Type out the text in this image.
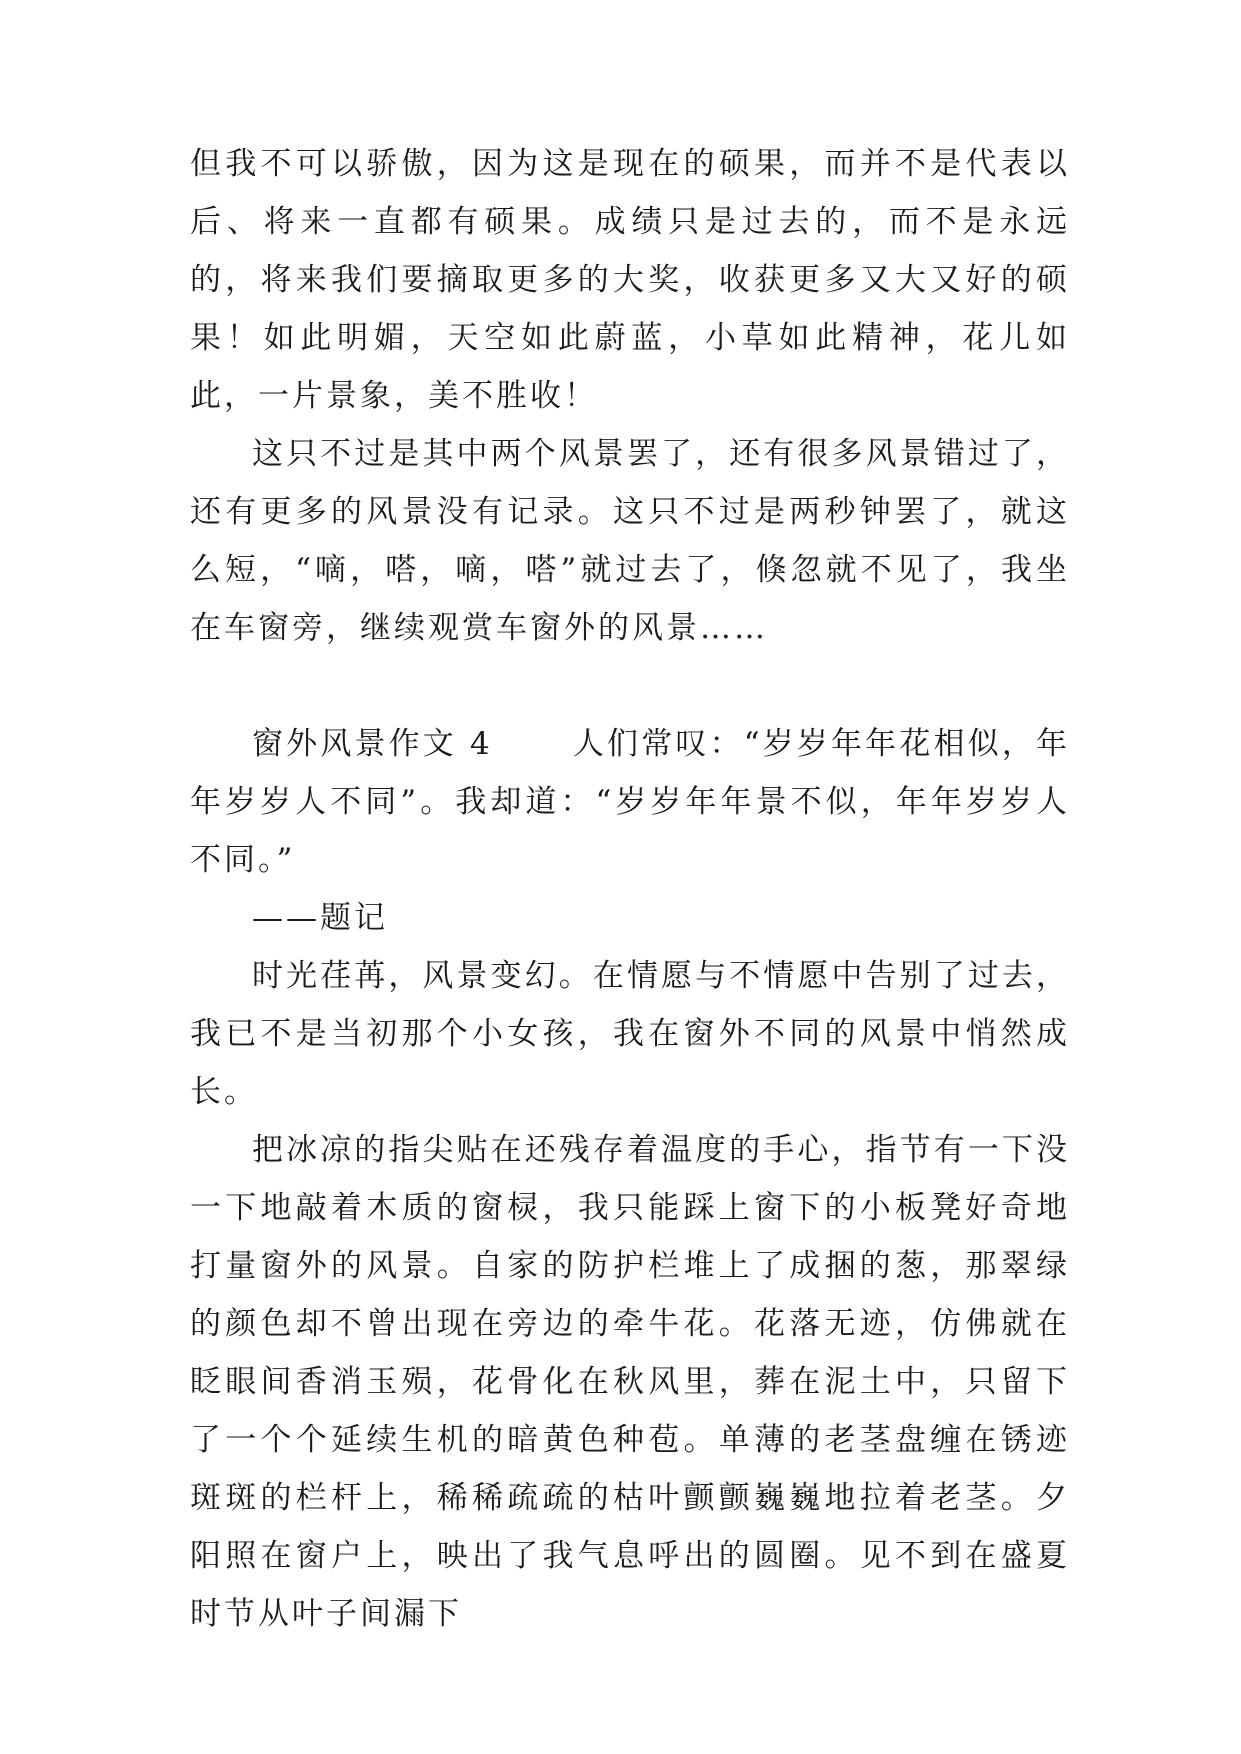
但我不可以骄傲，因为这是现在的硕果，而并不是代表以后、将来一直都有硕果。成绩只是过去的，而不是永远的，将来我们要摘取更多的大奖，收获更多又大又好的硕果！如此明媚，天空如此蔚蓝，小草如此精神，花儿如此，一片景象，美不胜收！

这只不过是其中两个风景罢了，还有很多风景错过了，还有更多的风景没有记录。这只不过是两秒钟罢了，就这么短，“嘀，嗒，嘀，嗒”就过去了，倏忽就不见了，我坐在车窗旁，继续观赏车窗外的风景……

窗外风景作文 4	人们常叹：“岁岁年年花相似，年年岁岁人不同”。我却道：“岁岁年年景不似，年年岁岁人不同。”

——题记

时光荏苒，风景变幻。在情愿与不情愿中告别了过去，我已不是当初那个小女孩，我在窗外不同的风景中悄然成长。

把冰凉的指尖贴在还残存着温度的手心，指节有一下没一下地敲着木质的窗棂，我只能踩上窗下的小板凳好奇地打量窗外的风景。自家的防护栏堆上了成捆的葱，那翠绿的颜色却不曾出现在旁边的牵牛花。花落无迹，仿佛就在眨眼间香消玉殒，花骨化在秋风里，葬在泥土中，只留下了一个个延续生机的暗黄色种苞。单薄的老茎盘缠在锈迹斑斑的栏杆上，稀稀疏疏的枯叶颤颤巍巍地拉着老茎。夕阳照在窗户上，映出了我气息呼出的圆圈。见不到在盛夏时节从叶子间漏下
